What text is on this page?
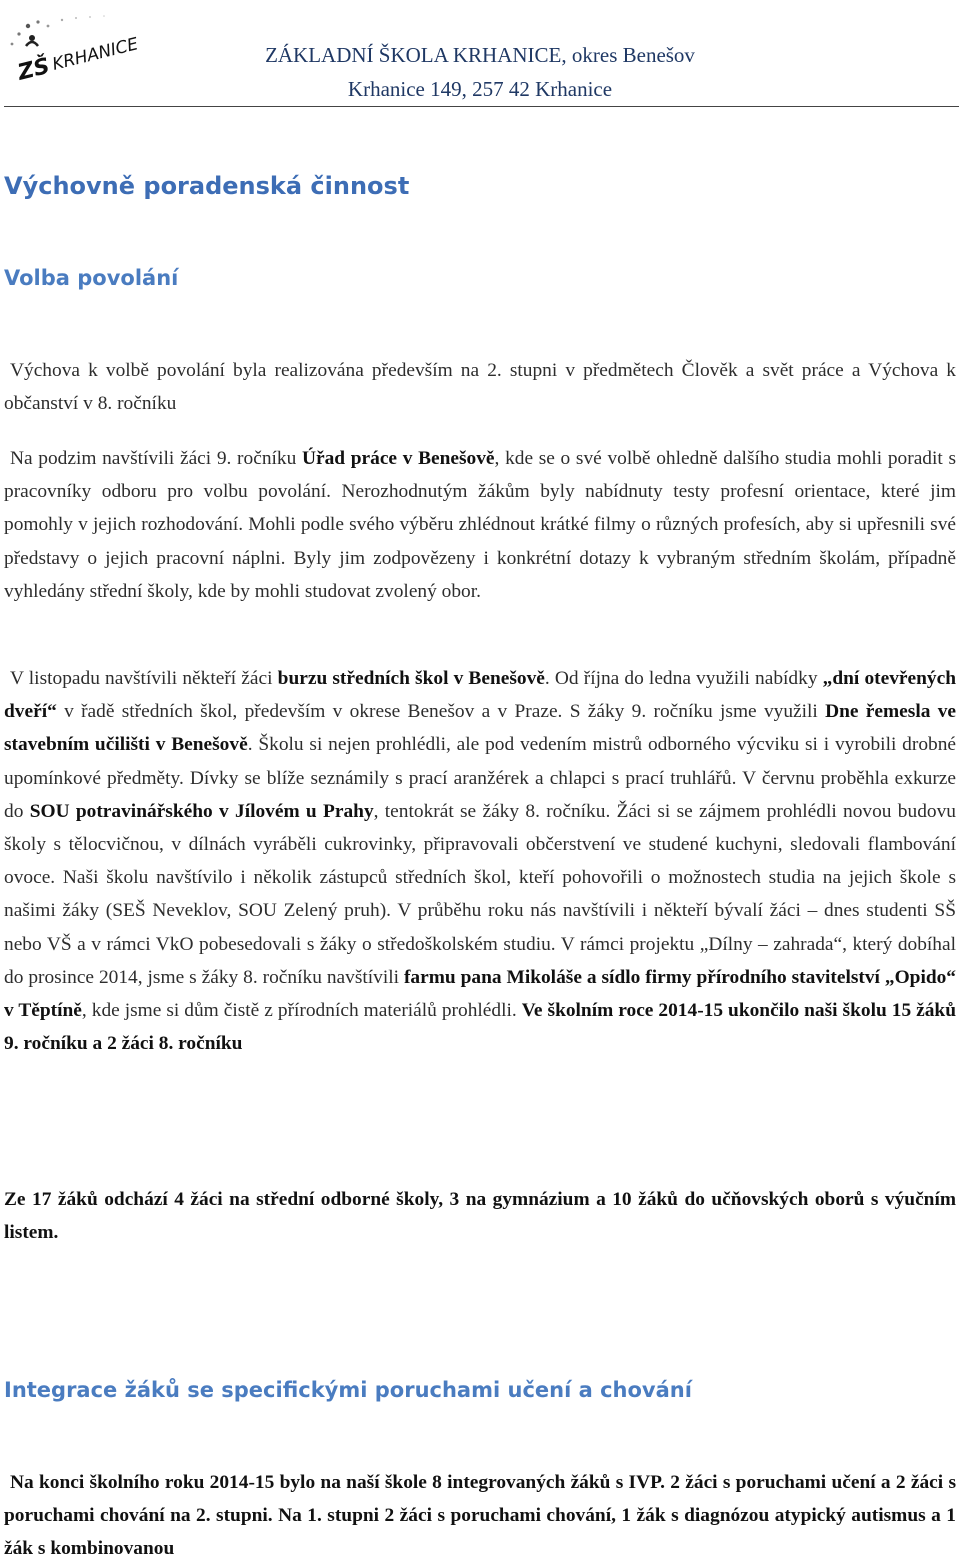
ZŠ
KRHANICE	ZÁKLADNÍ ŠKOLA KRHANICE, okres Benešov
Krhanice 149, 257 42 Krhanice
Výchovně poradenská činnost
Volba povolání

Výchova k volbě povolání byla realizována především na 2. stupni v předmětech Člověk a svět práce a Výchova k občanství v 8. ročníku

Na podzim navštívili žáci 9. ročníku Úřad práce v Benešově, kde se o své volbě ohledně dalšího studia mohli poradit s pracovníky odboru pro volbu povolání. Nerozhodnutým žákům byly nabídnuty testy profesní orientace, které jim pomohly v jejich rozhodování. Mohli podle svého výběru zhlédnout krátké filmy o různých profesích, aby si upřesnili své představy o jejich pracovní náplni. Byly jim zodpovězeny i konkrétní dotazy k vybraným středním školám, případně vyhledány střední školy, kde by mohli studovat zvolený obor.

V listopadu navštívili někteří žáci burzu středních škol v Benešově. Od října do ledna využili nabídky „dní otevřených dveří“ v řadě středních škol, především v okrese Benešov a v Praze. S žáky 9. ročníku jsme využili Dne řemesla ve stavebním učilišti v Benešově. Školu si nejen prohlédli, ale pod vedením mistrů odborného výcviku si i vyrobili drobné upomínkové předměty. Dívky se blíže seznámily s prací aranžérek a chlapci s prací truhlářů. V červnu proběhla exkurze do SOU potravinářského v Jílovém u Prahy, tentokrát se žáky 8. ročníku. Žáci si se zájmem prohlédli novou budovu školy s tělocvičnou, v dílnách vyráběli cukrovinky, připravovali občerstvení ve studené kuchyni, sledovali flambování ovoce. Naši školu navštívilo i několik zástupců středních škol, kteří pohovořili o možnostech studia na jejich škole s našimi žáky (SEŠ Neveklov, SOU Zelený pruh). V průběhu roku nás navštívili i někteří bývalí žáci – dnes studenti SŠ nebo VŠ a v rámci VkO pobesedovali s žáky o středoškolském studiu. V rámci projektu „Dílny – zahrada“, který dobíhal do prosince 2014, jsme s žáky 8. ročníku navštívili farmu pana Mikoláše a sídlo firmy přírodního stavitelství „Opido“ v Těptíně, kde jsme si dům čistě z přírodních materiálů prohlédli. Ve školním roce 2014-15 ukončilo naši školu 15 žáků 9. ročníku a 2 žáci 8. ročníku

Ze 17 žáků odchází 4 žáci na střední odborné školy, 3 na gymnázium a 10 žáků do učňovských oborů s výučním listem.

Integrace žáků se specifickými poruchami učení a chování

Na konci školního roku 2014-15 bylo na naší škole 8 integrovaných žáků s IVP. 2 žáci s poruchami učení a 2 žáci s poruchami chování na 2. stupni. Na 1. stupni 2 žáci s poruchami chování, 1 žák s diagnózou atypický autismus a 1 žák s kombinovanou
